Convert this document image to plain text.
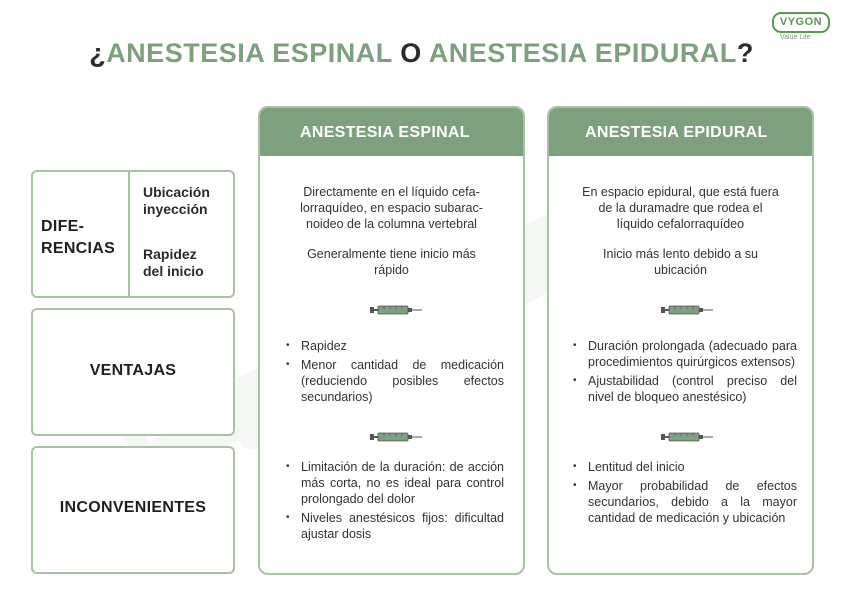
¿ANESTESIA ESPINAL O ANESTESIA EPIDURAL?
VYGON
Value Life
DIFE-
RENCIAS
Ubicación
inyección
Rapidez
del inicio
VENTAJAS
INCONVENIENTES
ANESTESIA ESPINAL
Directamente en el líquido cefa-
lorraquídeo, en espacio subarac-
noideo de la columna vertebral
Generalmente tiene inicio más
rápido
• Rapidez
• Menor cantidad de medicación (reduciendo posibles efectos secundarios)
• Limitación de la duración: de acción más corta, no es ideal para control prolongado del dolor
• Niveles anestésicos fijos: dificultad ajustar dosis
ANESTESIA EPIDURAL
En espacio epidural, que está fuera
de la duramadre que rodea el
líquido cefalorraquídeo
Inicio más lento debido a su
ubicación
• Duración prolongada (adecuado para procedimientos quirúrgicos extensos)
• Ajustabilidad (control preciso del nivel de bloqueo anestésico)
• Lentitud del inicio
• Mayor probabilidad de efectos secundarios, debido a la mayor cantidad de medicación y ubicación
